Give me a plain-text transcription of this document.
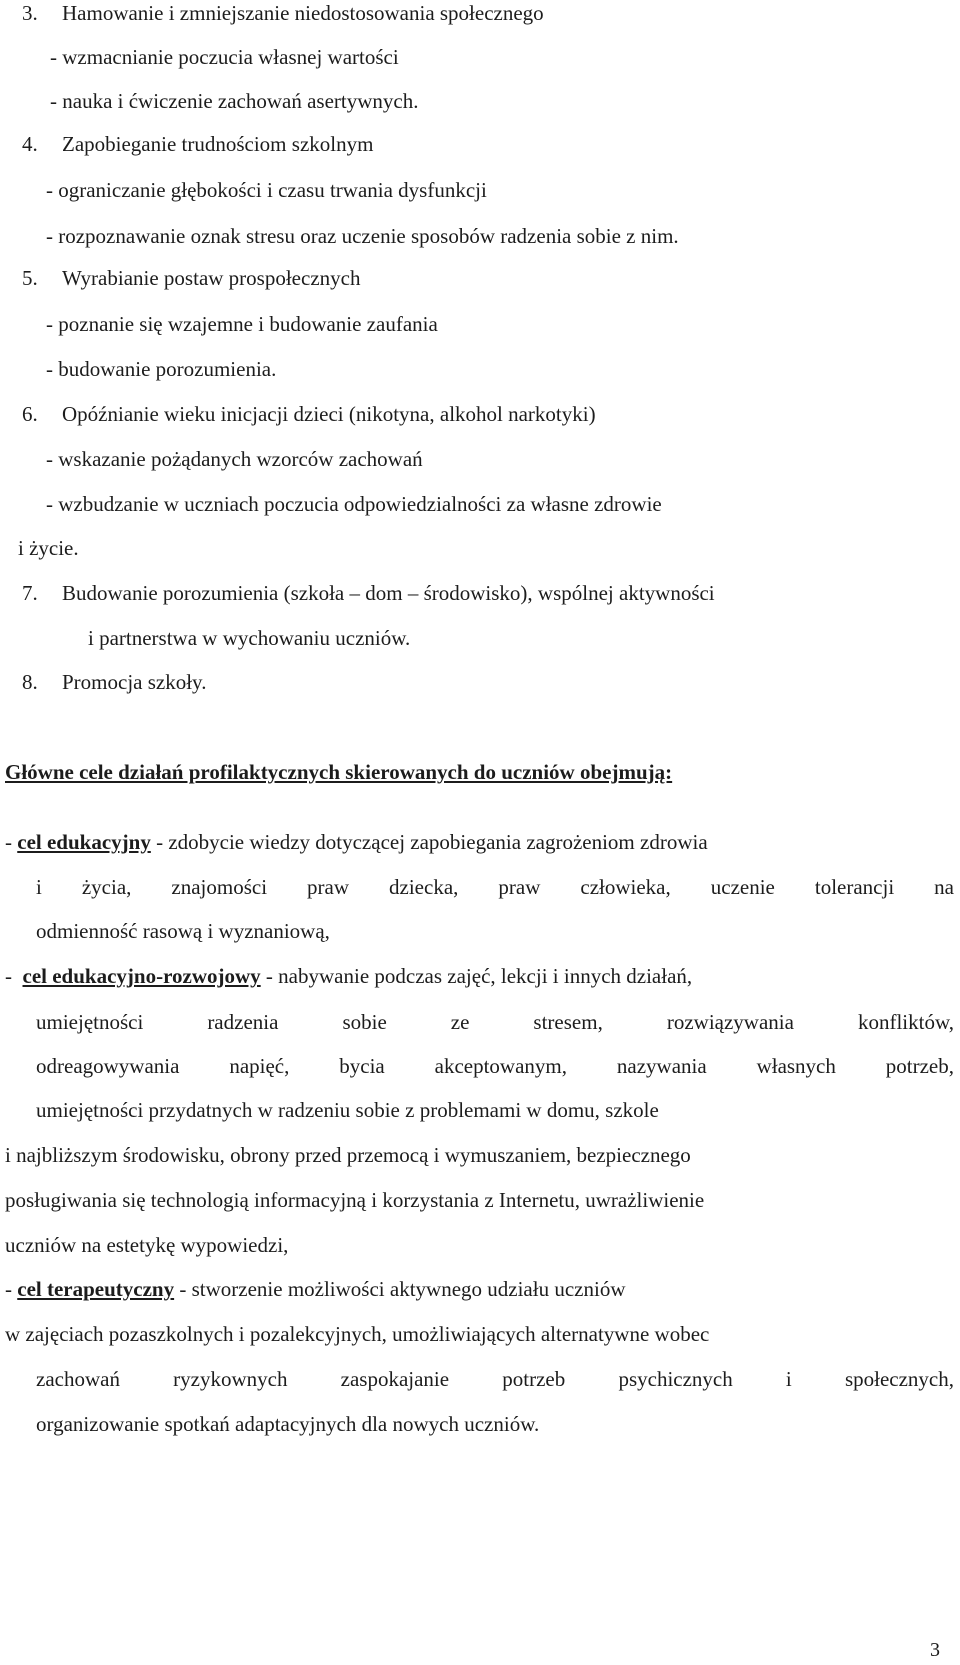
3. Hamowanie i zmniejszanie niedostosowania społecznego
- wzmacnianie poczucia własnej wartości
- nauka i ćwiczenie zachowań asertywnych.
4. Zapobieganie trudnościom szkolnym
- ograniczanie głębokości i czasu trwania dysfunkcji
- rozpoznawanie oznak stresu oraz uczenie sposobów radzenia sobie z nim.
5. Wyrabianie postaw prospołecznych
- poznanie się wzajemne i budowanie zaufania
- budowanie porozumienia.
6. Opóźnianie wieku inicjacji dzieci (nikotyna, alkohol narkotyki)
- wskazanie pożądanych wzorców zachowań
- wzbudzanie w uczniach poczucia odpowiedzialności za własne zdrowie
i życie.
7. Budowanie porozumienia (szkoła – dom – środowisko), wspólnej aktywności
i partnerstwa w wychowaniu uczniów.
8. Promocja szkoły.
Główne cele działań profilaktycznych skierowanych do uczniów obejmują:
- cel edukacyjny - zdobycie wiedzy dotyczącej zapobiegania zagrożeniom zdrowia
i życia, znajomości praw dziecka, praw człowieka, uczenie tolerancji na
odmienność rasową i wyznaniową,
-  cel edukacyjno-rozwojowy - nabywanie podczas zajęć, lekcji i innych działań,
umiejętności radzenia sobie ze stresem, rozwiązywania konfliktów,
odreagowywania napięć, bycia akceptowanym, nazywania własnych potrzeb,
umiejętności przydatnych w radzeniu sobie z problemami w domu, szkole
i najbliższym środowisku, obrony przed przemocą i wymuszaniem, bezpiecznego
posługiwania się technologią informacyjną i korzystania z Internetu, uwrażliwienie
uczniów na estetykę wypowiedzi,
- cel terapeutyczny - stworzenie możliwości aktywnego udziału uczniów
w zajęciach pozaszkolnych i pozalekcyjnych, umożliwiających alternatywne wobec
zachowań ryzykownych zaspokajanie potrzeb psychicznych i społecznych,
organizowanie spotkań adaptacyjnych dla nowych uczniów.
3
